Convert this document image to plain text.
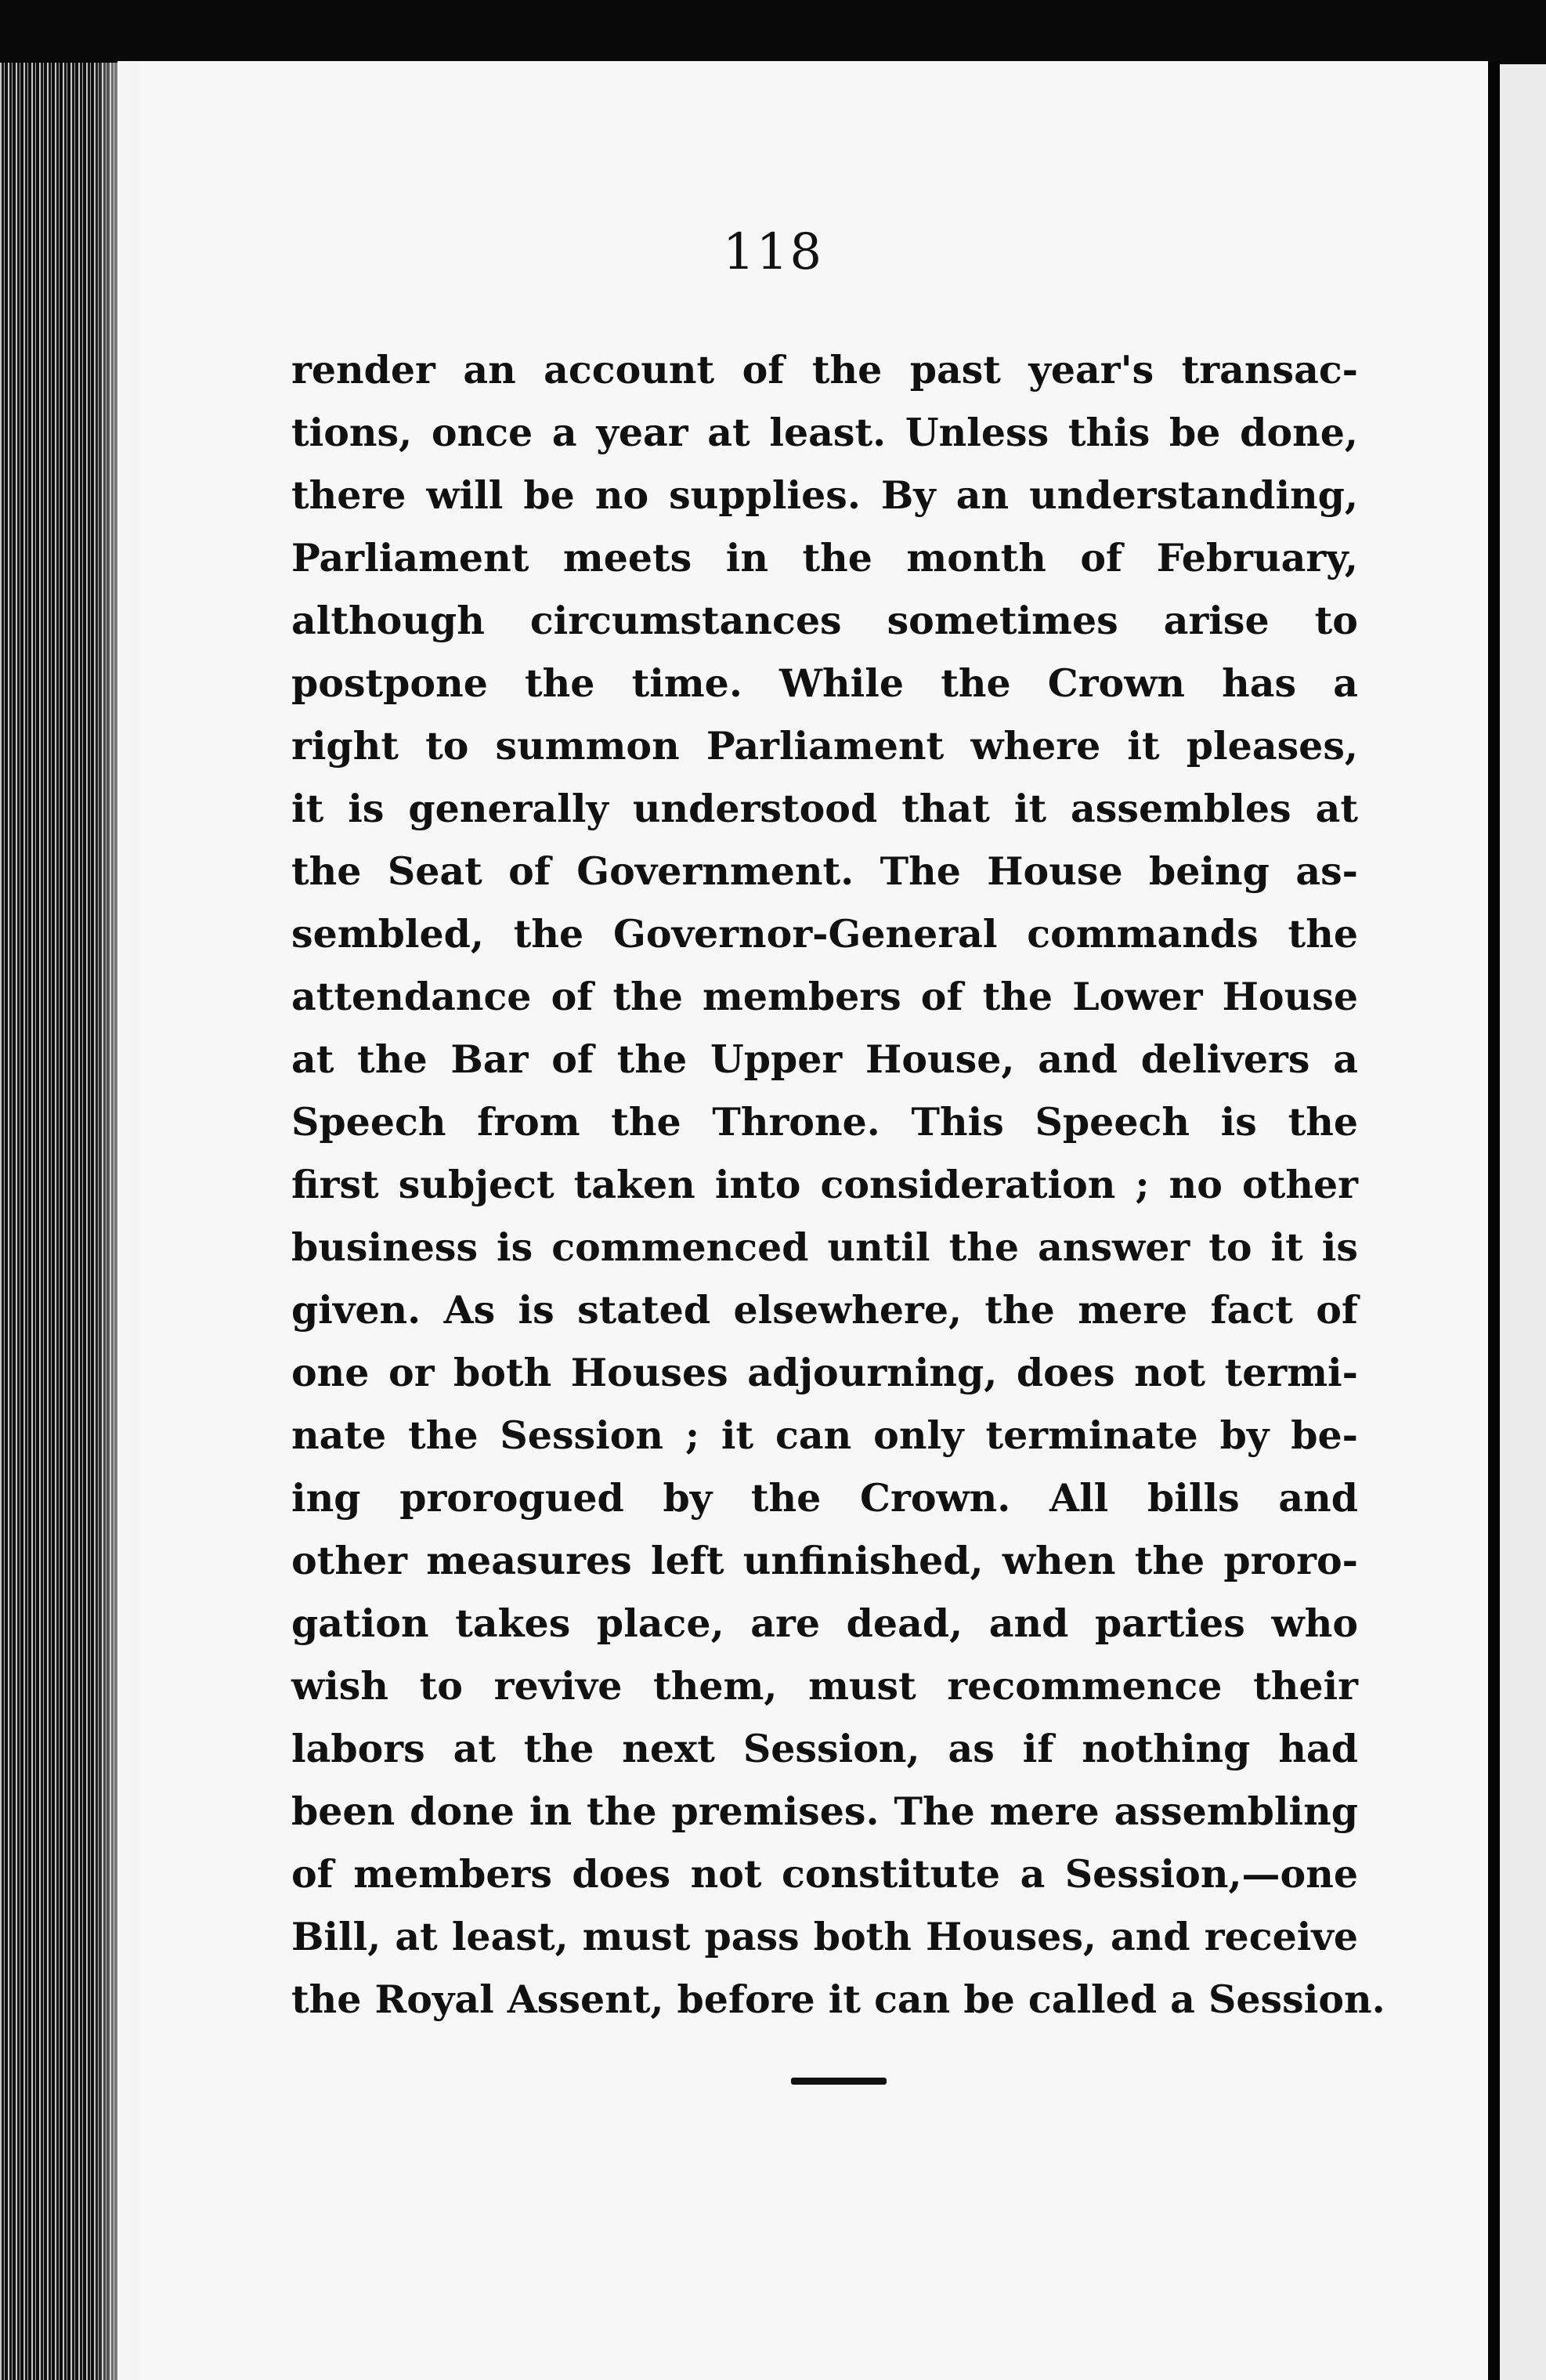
118
render an account of the past year's transac-
tions, once a year at least. Unless this be done,
there will be no supplies. By an understanding,
Parliament meets in the month of February,
although circumstances sometimes arise to
postpone the time. While the Crown has a
right to summon Parliament where it pleases,
it is generally understood that it assembles at
the Seat of Government. The House being as-
sembled, the Governor-General commands the
attendance of the members of the Lower House
at the Bar of the Upper House, and delivers a
Speech from the Throne. This Speech is the
first subject taken into consideration ; no other
business is commenced until the answer to it is
given. As is stated elsewhere, the mere fact of
one or both Houses adjourning, does not termi-
nate the Session ; it can only terminate by be-
ing prorogued by the Crown. All bills and
other measures left unfinished, when the proro-
gation takes place, are dead, and parties who
wish to revive them, must recommence their
labors at the next Session, as if nothing had
been done in the premises. The mere assembling
of members does not constitute a Session,—one
Bill, at least, must pass both Houses, and receive
the Royal Assent, before it can be called a Session.
